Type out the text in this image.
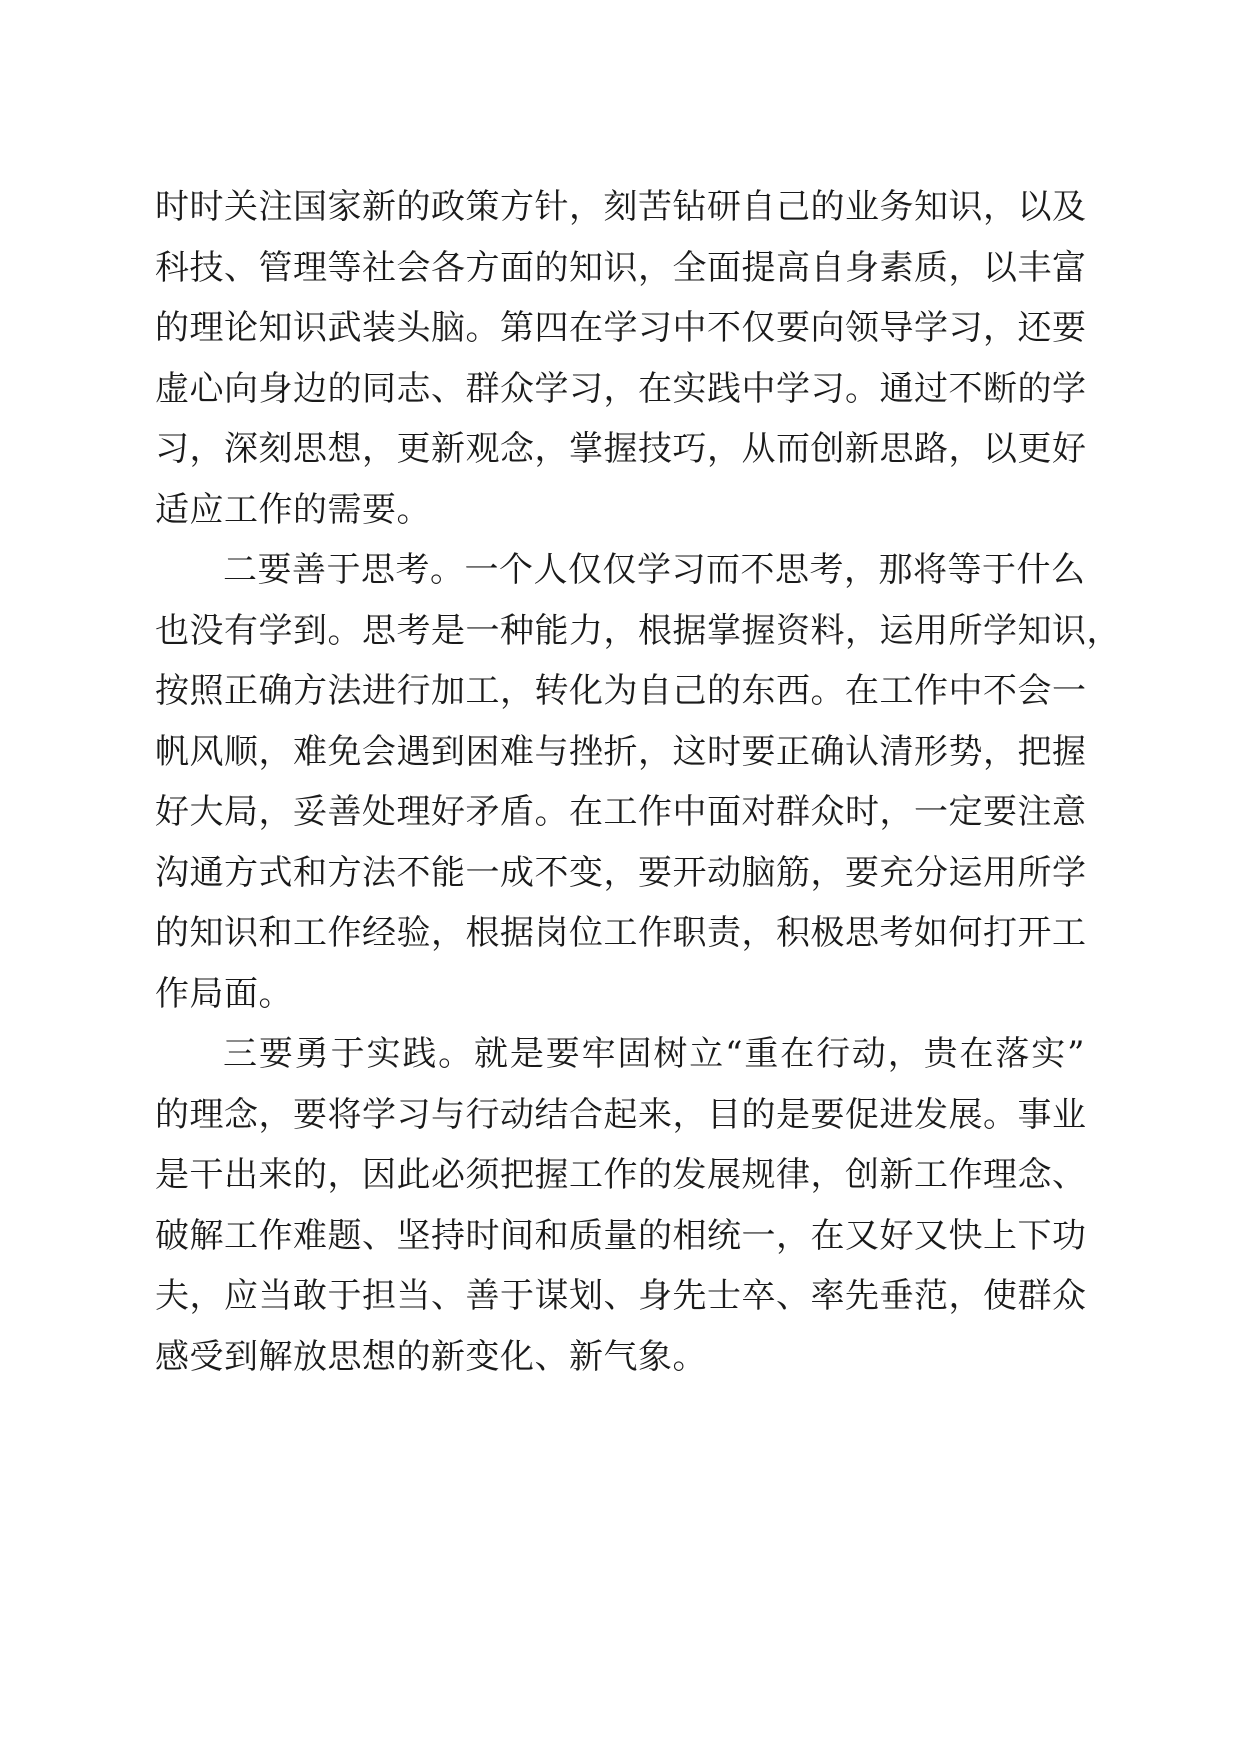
时时关注国家新的政策方针，刻苦钻研自己的业务知识，以及
科技、管理等社会各方面的知识，全面提高自身素质，以丰富
的理论知识武装头脑。第四在学习中不仅要向领导学习，还要
虚心向身边的同志、群众学习，在实践中学习。通过不断的学
习，深刻思想，更新观念，掌握技巧，从而创新思路，以更好
适应工作的需要。
二要善于思考。一个人仅仅学习而不思考，那将等于什么
也没有学到。思考是一种能力，根据掌握资料，运用所学知识，
按照正确方法进行加工，转化为自己的东西。在工作中不会一
帆风顺，难免会遇到困难与挫折，这时要正确认清形势，把握
好大局，妥善处理好矛盾。在工作中面对群众时，一定要注意
沟通方式和方法不能一成不变，要开动脑筋，要充分运用所学
的知识和工作经验，根据岗位工作职责，积极思考如何打开工
作局面。
三要勇于实践。就是要牢固树立“重在行动，贵在落实”
的理念，要将学习与行动结合起来，目的是要促进发展。事业
是干出来的，因此必须把握工作的发展规律，创新工作理念、
破解工作难题、坚持时间和质量的相统一，在又好又快上下功
夫，应当敢于担当、善于谋划、身先士卒、率先垂范，使群众
感受到解放思想的新变化、新气象。
